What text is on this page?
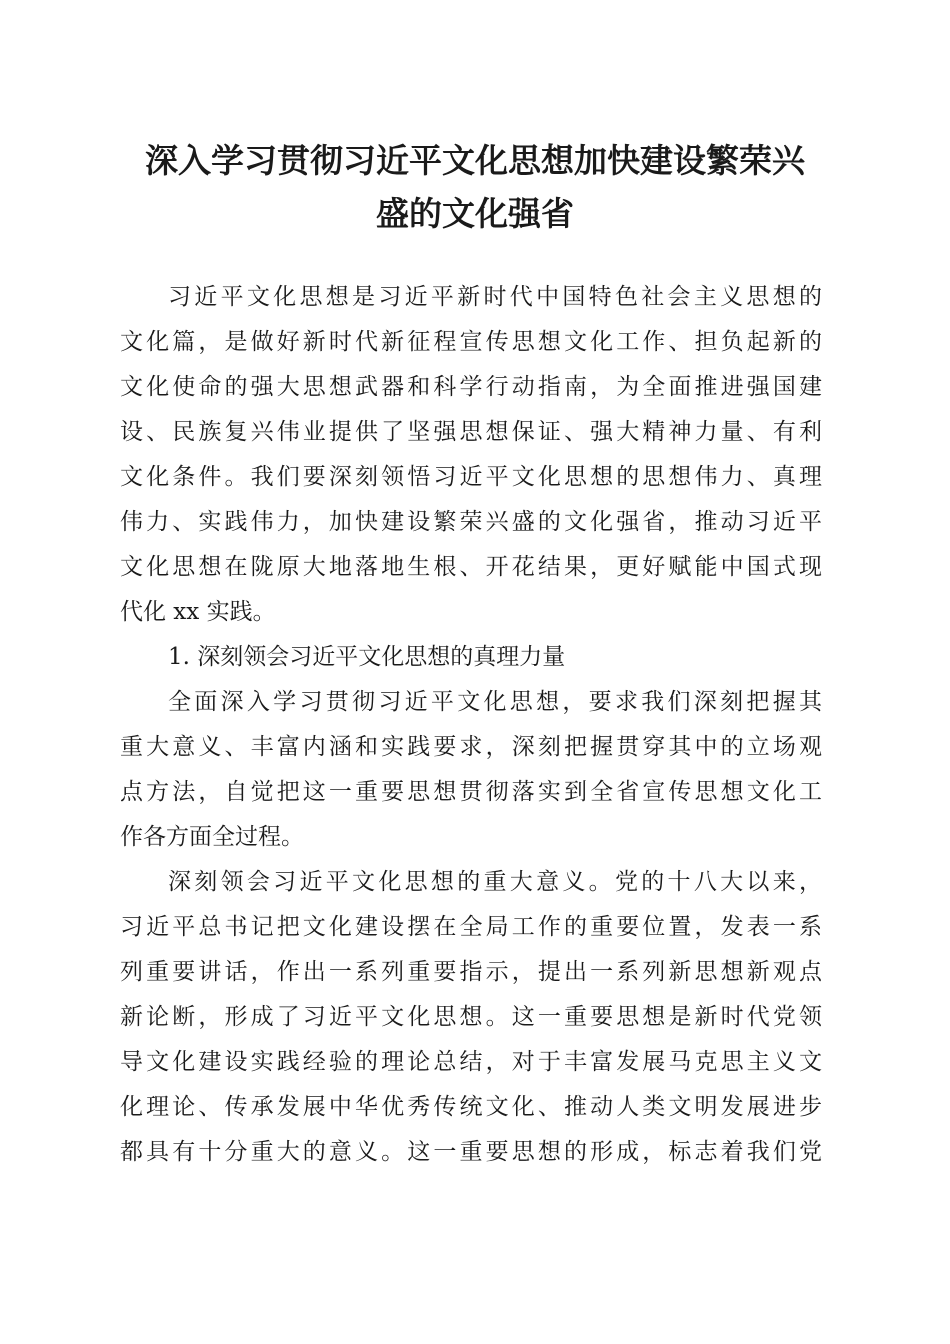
深入学习贯彻习近平文化思想加快建设繁荣兴
盛的文化强省
习近平文化思想是习近平新时代中国特色社会主义思想的
文化篇，是做好新时代新征程宣传思想文化工作、担负起新的
文化使命的强大思想武器和科学行动指南，为全面推进强国建
设、民族复兴伟业提供了坚强思想保证、强大精神力量、有利
文化条件。我们要深刻领悟习近平文化思想的思想伟力、真理
伟力、实践伟力，加快建设繁荣兴盛的文化强省，推动习近平
文化思想在陇原大地落地生根、开花结果，更好赋能中国式现
代化 xx 实践。
1. 深刻领会习近平文化思想的真理力量
全面深入学习贯彻习近平文化思想，要求我们深刻把握其
重大意义、丰富内涵和实践要求，深刻把握贯穿其中的立场观
点方法，自觉把这一重要思想贯彻落实到全省宣传思想文化工
作各方面全过程。
深刻领会习近平文化思想的重大意义。党的十八大以来，
习近平总书记把文化建设摆在全局工作的重要位置，发表一系
列重要讲话，作出一系列重要指示，提出一系列新思想新观点
新论断，形成了习近平文化思想。这一重要思想是新时代党领
导文化建设实践经验的理论总结，对于丰富发展马克思主义文
化理论、传承发展中华优秀传统文化、推动人类文明发展进步
都具有十分重大的意义。这一重要思想的形成，标志着我们党
